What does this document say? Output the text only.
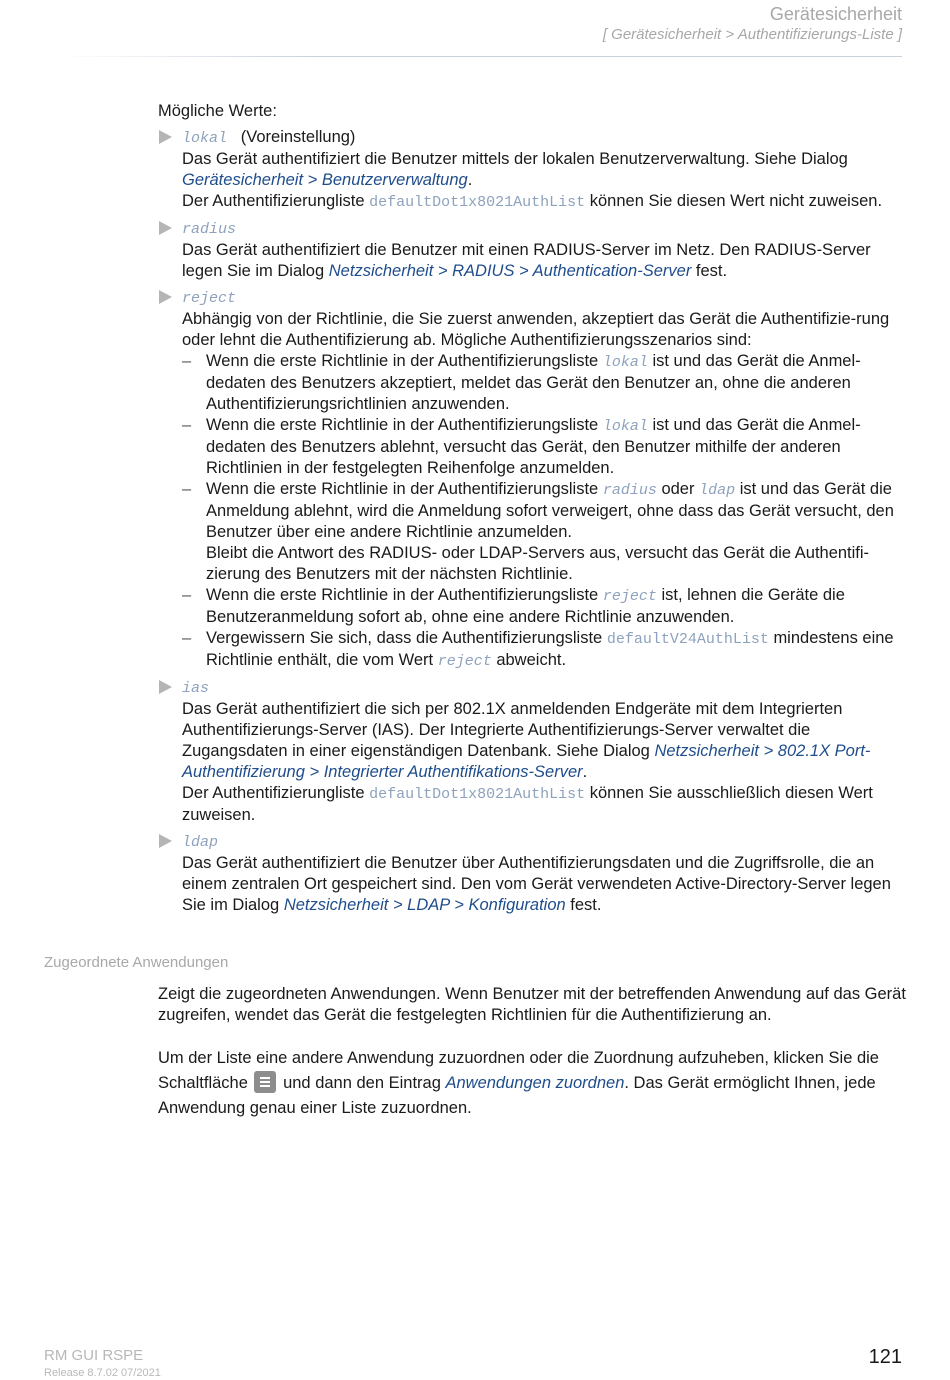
Gerätesicherheit
[ Gerätesicherheit > Authentifizierungs-Liste ]

Mögliche Werte:

lokal (Voreinstellung)
Das Gerät authentifiziert die Benutzer mittels der lokalen Benutzerverwaltung. Siehe Dialog Gerätesicherheit > Benutzerverwaltung.
Der Authentifizierungliste defaultDot1x8021AuthList können Sie diesen Wert nicht zuweisen.
radius
Das Gerät authentifiziert die Benutzer mit einen RADIUS-Server im Netz. Den RADIUS-Server legen Sie im Dialog Netzsicherheit > RADIUS > Authentication-Server fest.
reject
Abhängig von der Richtlinie, die Sie zuerst anwenden, akzeptiert das Gerät die Authentifizie-rung oder lehnt die Authentifizierung ab. Mögliche Authentifizierungsszenarios sind:
– Wenn die erste Richtlinie in der Authentifizierungsliste lokal ist und das Gerät die Anmel-dedaten des Benutzers akzeptiert, meldet das Gerät den Benutzer an, ohne die anderen Authentifizierungsrichtlinien anzuwenden.
– Wenn die erste Richtlinie in der Authentifizierungsliste lokal ist und das Gerät die Anmel-dedaten des Benutzers ablehnt, versucht das Gerät, den Benutzer mithilfe der anderen Richtlinien in der festgelegten Reihenfolge anzumelden.
– Wenn die erste Richtlinie in der Authentifizierungsliste radius oder ldap ist und das Gerät die Anmeldung ablehnt, wird die Anmeldung sofort verweigert, ohne dass das Gerät versucht, den Benutzer über eine andere Richtlinie anzumelden.
Bleibt die Antwort des RADIUS- oder LDAP-Servers aus, versucht das Gerät die Authentifi-zierung des Benutzers mit der nächsten Richtlinie.
– Wenn die erste Richtlinie in der Authentifizierungsliste reject ist, lehnen die Geräte die Benutzeranmeldung sofort ab, ohne eine andere Richtlinie anzuwenden.
– Vergewissern Sie sich, dass die Authentifizierungsliste defaultV24AuthList mindestens eine Richtlinie enthält, die vom Wert reject abweicht.
ias
Das Gerät authentifiziert die sich per 802.1X anmeldenden Endgeräte mit dem Integrierten Authentifizierungs-Server (IAS). Der Integrierte Authentifizierungs-Server verwaltet die Zugangsdaten in einer eigenständigen Datenbank. Siehe Dialog Netzsicherheit > 802.1X Port-Authentifizierung > Integrierter Authentifikations-Server.
Der Authentifizierungliste defaultDot1x8021AuthList können Sie ausschließlich diesen Wert zuweisen.
ldap
Das Gerät authentifiziert die Benutzer über Authentifizierungsdaten und die Zugriffsrolle, die an einem zentralen Ort gespeichert sind. Den vom Gerät verwendeten Active-Directory-Server legen Sie im Dialog Netzsicherheit > LDAP > Konfiguration fest.
Zugeordnete Anwendungen

Zeigt die zugeordneten Anwendungen. Wenn Benutzer mit der betreffenden Anwendung auf das Gerät zugreifen, wendet das Gerät die festgelegten Richtlinien für die Authentifizierung an.

Um der Liste eine andere Anwendung zuzuordnen oder die Zuordnung aufzuheben, klicken Sie die Schaltfläche und dann den Eintrag Anwendungen zuordnen. Das Gerät ermöglicht Ihnen, jede Anwendung genau einer Liste zuzuordnen.

RM GUI RSPE
Release 8.7.02 07/2021
121
